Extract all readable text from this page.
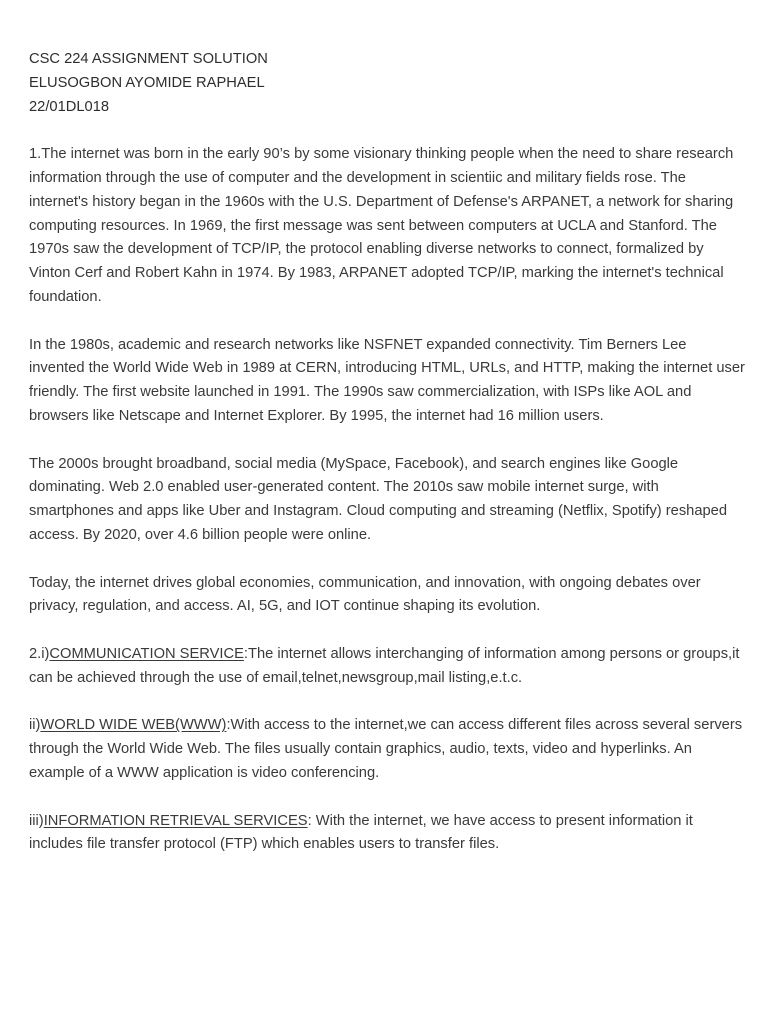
CSC 224 ASSIGNMENT SOLUTION
ELUSOGBON AYOMIDE RAPHAEL
22/01DL018

1.The internet was born in the early 90’s by some visionary thinking people when the need to share research information through the use of computer and the development in scientiic and military fields rose. The internet's history began in the 1960s with the U.S. Department of Defense's ARPANET, a network for sharing computing resources. In 1969, the first message was sent between computers at UCLA and Stanford. The 1970s saw the development of TCP/IP, the protocol enabling diverse networks to connect, formalized by Vinton Cerf and Robert Kahn in 1974. By 1983, ARPANET adopted TCP/IP, marking the internet's technical foundation.

In the 1980s, academic and research networks like NSFNET expanded connectivity. Tim Berners Lee invented the World Wide Web in 1989 at CERN, introducing HTML, URLs, and HTTP, making the internet user friendly. The first website launched in 1991. The 1990s saw commercialization, with ISPs like AOL and browsers like Netscape and Internet Explorer. By 1995, the internet had 16 million users.

The 2000s brought broadband, social media (MySpace, Facebook), and search engines like Google dominating. Web 2.0 enabled user-generated content. The 2010s saw mobile internet surge, with smartphones and apps like Uber and Instagram. Cloud computing and streaming (Netflix, Spotify) reshaped access. By 2020, over 4.6 billion people were online.

Today, the internet drives global economies, communication, and innovation, with ongoing debates over privacy, regulation, and access. AI, 5G, and IOT continue shaping its evolution.

2.i)COMMUNICATION SERVICE:The internet allows interchanging of information among persons or groups,it can be achieved through the use of email,telnet,newsgroup,mail listing,e.t.c.

ii)WORLD WIDE WEB(WWW):With access to the internet,we can access different files across several servers through the World Wide Web. The files usually contain graphics, audio, texts, video and hyperlinks. An example of a WWW application is video conferencing.

iii)INFORMATION RETRIEVAL SERVICES: With the internet, we have access to present information it includes file transfer protocol (FTP) which enables users to transfer files.
